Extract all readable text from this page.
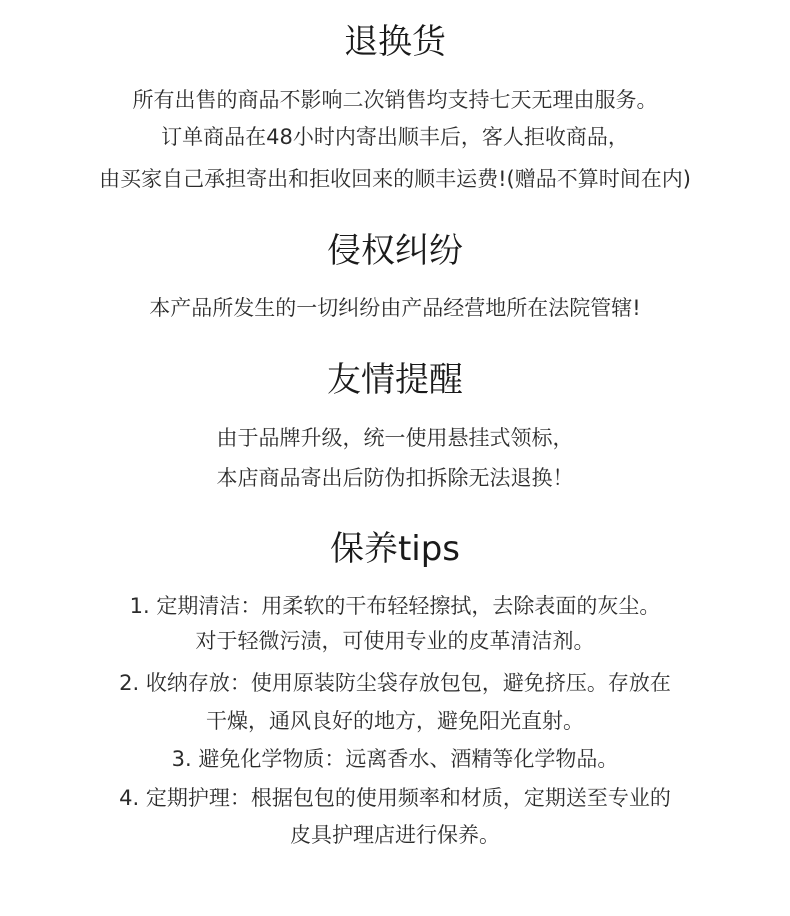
退换货

所有出售的商品不影响二次销售均支持七天无理由服务。

订单商品在48小时内寄出顺丰后，客人拒收商品，

由买家自己承担寄出和拒收回来的顺丰运费!(赠品不算时间在内)

侵权纠纷

本产品所发生的一切纠纷由产品经营地所在法院管辖!

友情提醒

由于品牌升级，统一使用悬挂式领标，

本店商品寄出后防伪扣拆除无法退换！

保养tips

1. 定期清洁：用柔软的干布轻轻擦拭，去除表面的灰尘。

对于轻微污渍，可使用专业的皮革清洁剂。

2. 收纳存放：使用原装防尘袋存放包包，避免挤压。存放在

干燥，通风良好的地方，避免阳光直射。

3. 避免化学物质：远离香水、酒精等化学物品。

4. 定期护理：根据包包的使用频率和材质，定期送至专业的

皮具护理店进行保养。
